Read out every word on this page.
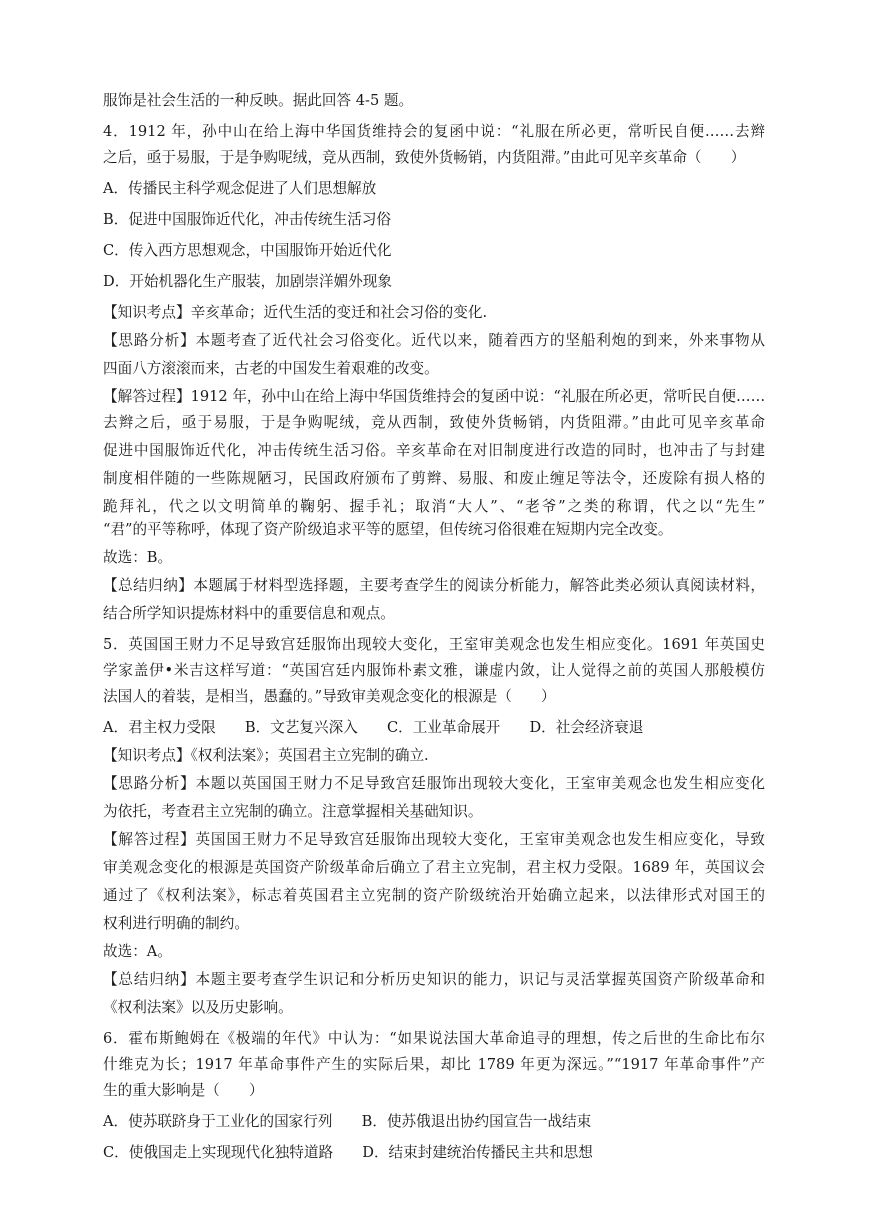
服饰是社会生活的一种反映。据此回答 4-5 题。
4．1912 年，孙中山在给上海中华国货维持会的复函中说：“礼服在所必更，常听民自便……去辫
之后，亟于易服，于是争购呢绒，竞从西制，致使外货畅销，内货阻滞。”由此可见辛亥革命（　　）
A．传播民主科学观念促进了人们思想解放
B．促进中国服饰近代化，冲击传统生活习俗
C．传入西方思想观念，中国服饰开始近代化
D．开始机器化生产服装，加剧崇洋媚外现象
【知识考点】辛亥革命；近代生活的变迁和社会习俗的变化.
【思路分析】本题考查了近代社会习俗变化。近代以来，随着西方的坚船利炮的到来，外来事物从
四面八方滚滚而来，古老的中国发生着艰难的改变。
【解答过程】1912 年，孙中山在给上海中华国货维持会的复函中说：“礼服在所必更，常听民自便……
去辫之后，亟于易服，于是争购呢绒，竞从西制，致使外货畅销，内货阻滞。”由此可见辛亥革命
促进中国服饰近代化，冲击传统生活习俗。辛亥革命在对旧制度进行改造的同时，也冲击了与封建
制度相伴随的一些陈规陋习，民国政府颁布了剪辫、易服、和废止缠足等法令，还废除有损人格的
跪拜礼，代之以文明简单的鞠躬、握手礼；取消“大人”、“老爷”之类的称谓，代之以“先生”
“君”的平等称呼，体现了资产阶级追求平等的愿望，但传统习俗很难在短期内完全改变。
故选：B。
【总结归纳】本题属于材料型选择题，主要考查学生的阅读分析能力，解答此类必须认真阅读材料，
结合所学知识提炼材料中的重要信息和观点。
5．英国国王财力不足导致宫廷服饰出现较大变化，王室审美观念也发生相应变化。1691 年英国史
学家盖伊•米吉这样写道：“英国宫廷内服饰朴素文雅，谦虚内敛，让人觉得之前的英国人那般模仿
法国人的着装，是相当，愚蠢的。”导致审美观念变化的根源是（　　）
A．君主权力受限　　B．文艺复兴深入　　C．工业革命展开　　D．社会经济衰退
【知识考点】《权利法案》；英国君主立宪制的确立.
【思路分析】本题以英国国王财力不足导致宫廷服饰出现较大变化，王室审美观念也发生相应变化
为依托，考查君主立宪制的确立。注意掌握相关基础知识。
【解答过程】英国国王财力不足导致宫廷服饰出现较大变化，王室审美观念也发生相应变化，导致
审美观念变化的根源是英国资产阶级革命后确立了君主立宪制，君主权力受限。1689 年，英国议会
通过了《权利法案》，标志着英国君主立宪制的资产阶级统治开始确立起来，以法律形式对国王的
权利进行明确的制约。
故选：A。
【总结归纳】本题主要考查学生识记和分析历史知识的能力，识记与灵活掌握英国资产阶级革命和
《权利法案》以及历史影响。
6．霍布斯鲍姆在《极端的年代》中认为：“如果说法国大革命追寻的理想，传之后世的生命比布尔
什维克为长；1917 年革命事件产生的实际后果，却比 1789 年更为深远。”“1917 年革命事件”产
生的重大影响是（　　）
A．使苏联跻身于工业化的国家行列　　B．使苏俄退出协约国宣告一战结束
C．使俄国走上实现现代化独特道路　　D．结束封建统治传播民主共和思想
